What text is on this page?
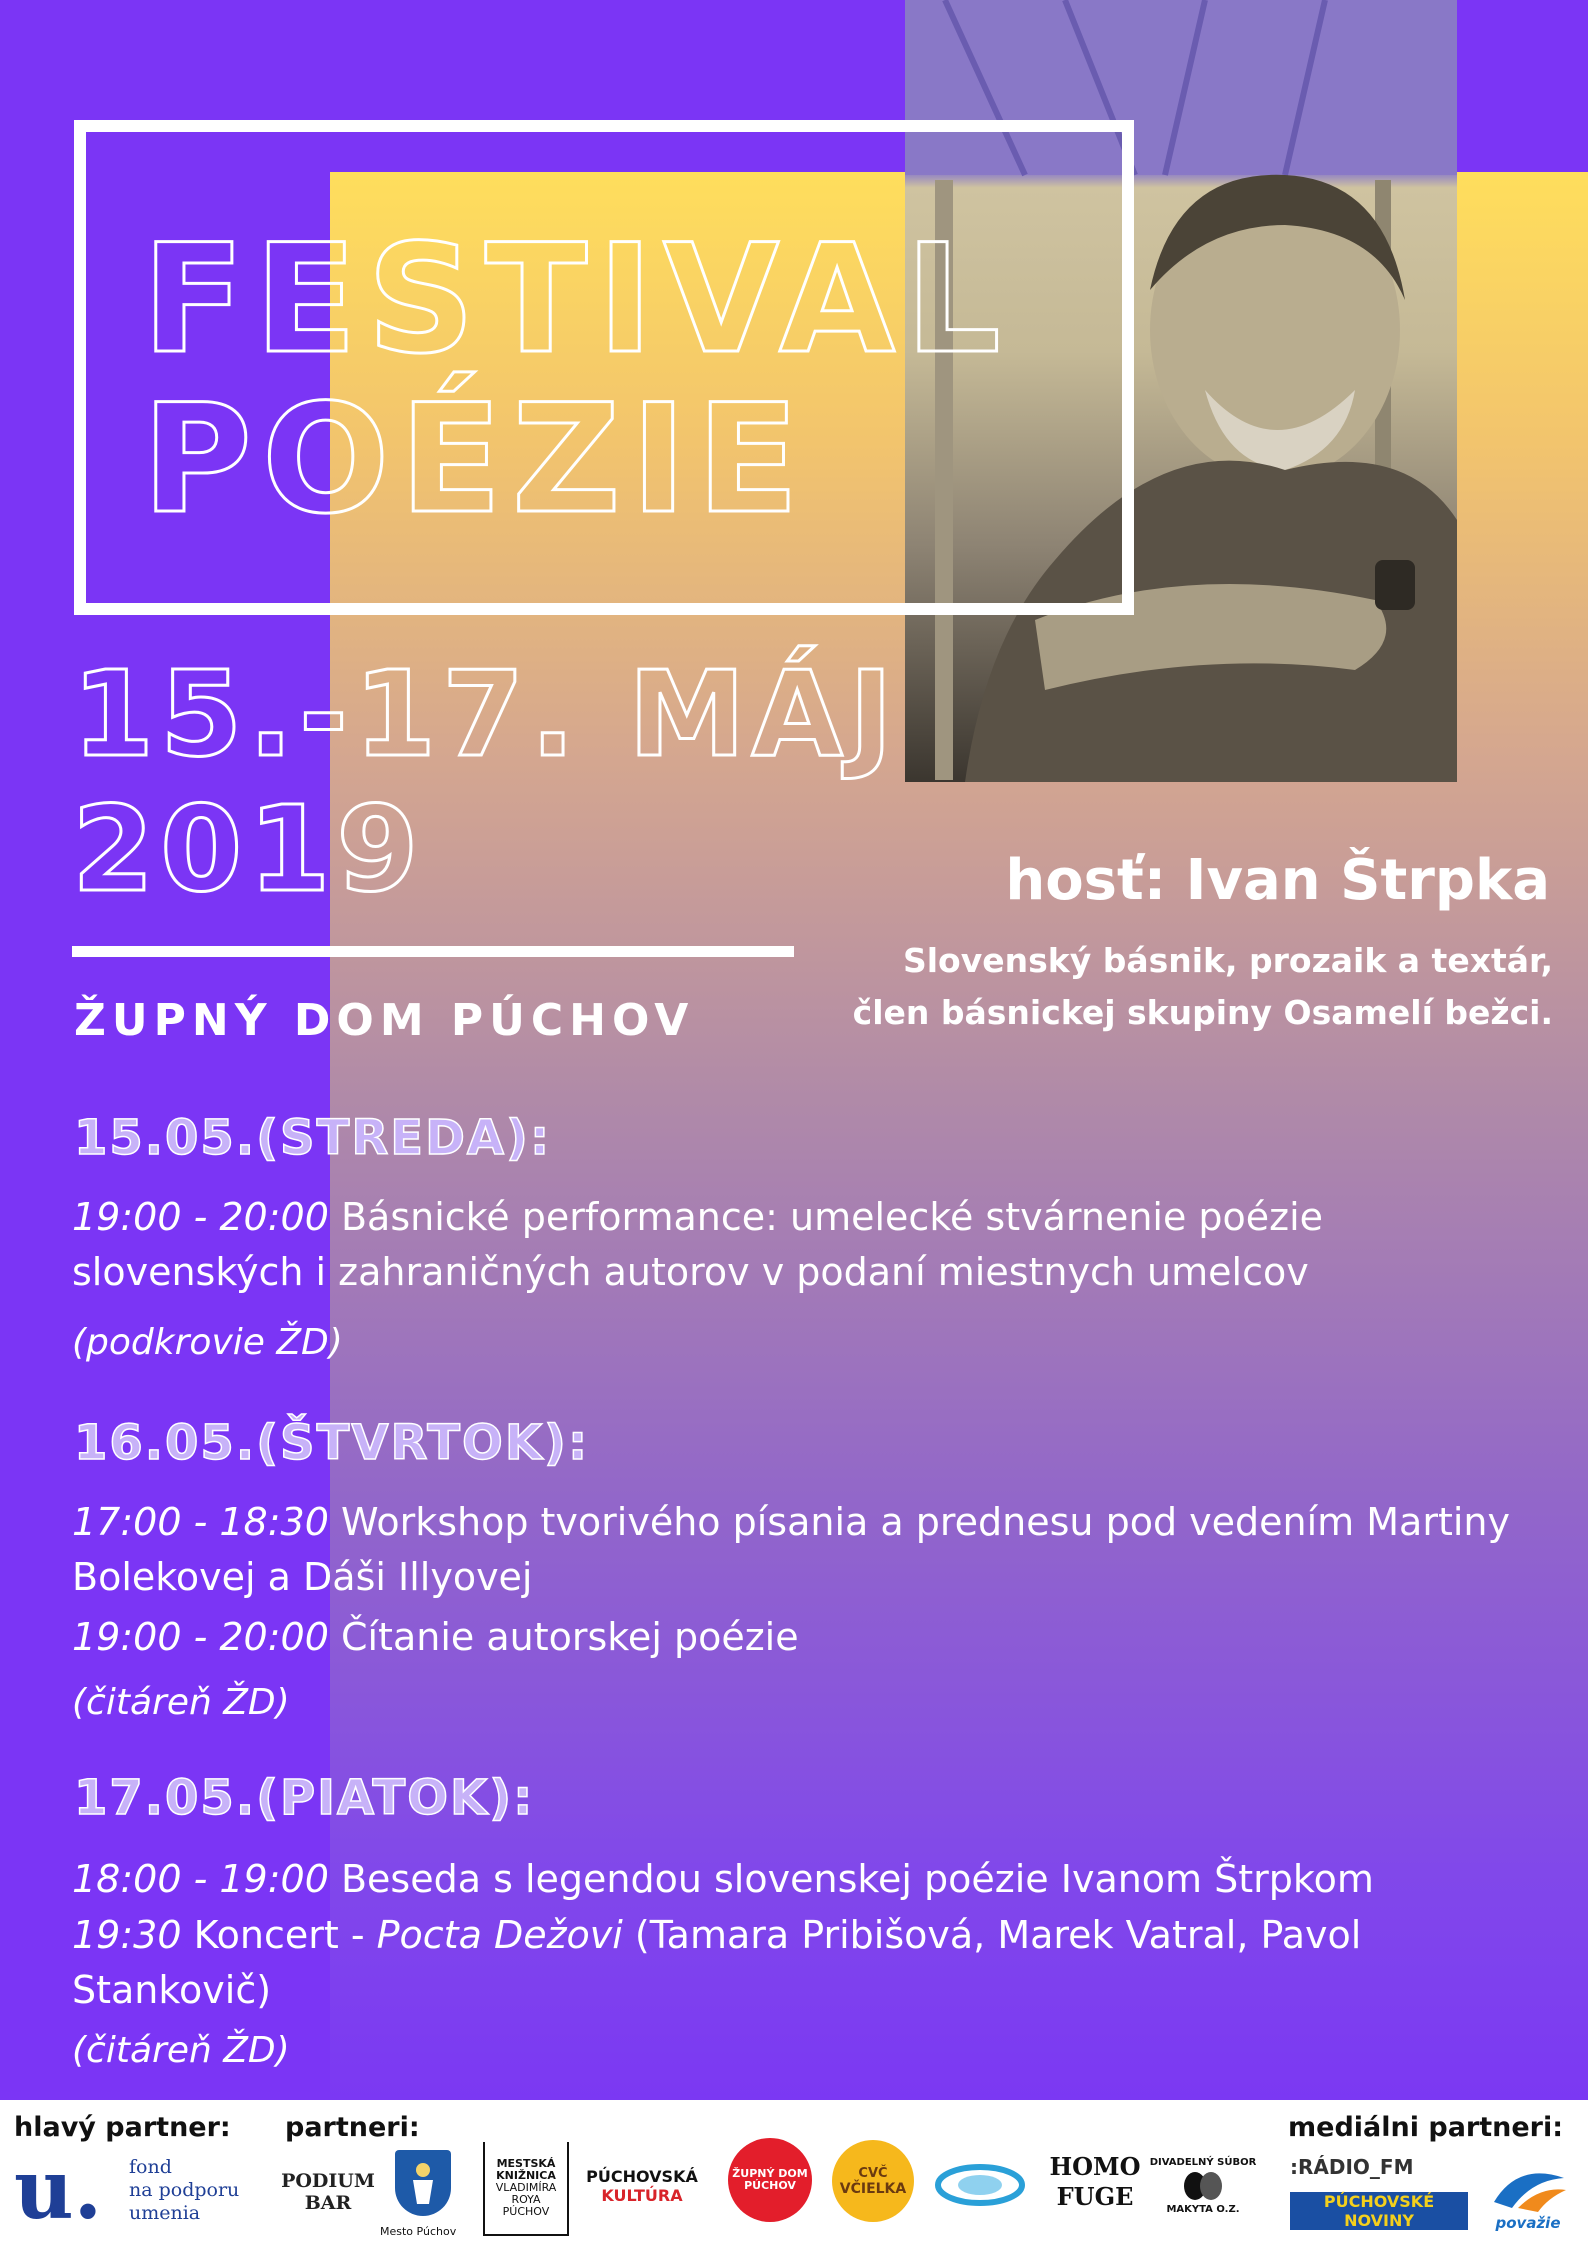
FESTIVAL
POÉZIE
15.-17. MÁJ
2019
ŽUPNÝ DOM PÚCHOV
hosť: Ivan Štrpka
Slovenský básnik, prozaik a textár,
člen básnickej skupiny Osamelí bežci.
15.05.(STREDA):
19:00 - 20:00 Básnické performance: umelecké stvárnenie poézie slovenských i zahraničných autorov v podaní miestnych umelcov
(podkrovie ŽD)
16.05.(ŠTVRTOK):
17:00 - 18:30 Workshop tvorivého písania a prednesu pod vedením Martiny Bolekovej a Dáši Illyovej
19:00 - 20:00 Čítanie autorskej poézie
(čitáreň ŽD)
17.05.(PIATOK):
18:00 - 19:00 Beseda s legendou slovenskej poézie Ivanom Štrpkom
19:30 Koncert - Pocta Dežovi (Tamara Pribišová, Marek Vatral, Pavol Stankovič)
(čitáreň ŽD)
hlavý partner: partneri:	mediálni partneri:
u. fond
na podporu
umenia
PODIUM
BAR
Mesto Púchov
MESTSKÁ
KNIŽNICA
VLADIMÍRA ROYA
PÚCHOV
PÚCHOVSKÁ
KULTÚRA
ŽUPNÝ DOM
PÚCHOV
CVČ
VČIELKA
HOMO
FUGE
DIVADELNÝ SÚBOR
MAKYTA O.Z.
:RÁDIO_FM
PÚCHOVSKÉ NOVINY	považie
